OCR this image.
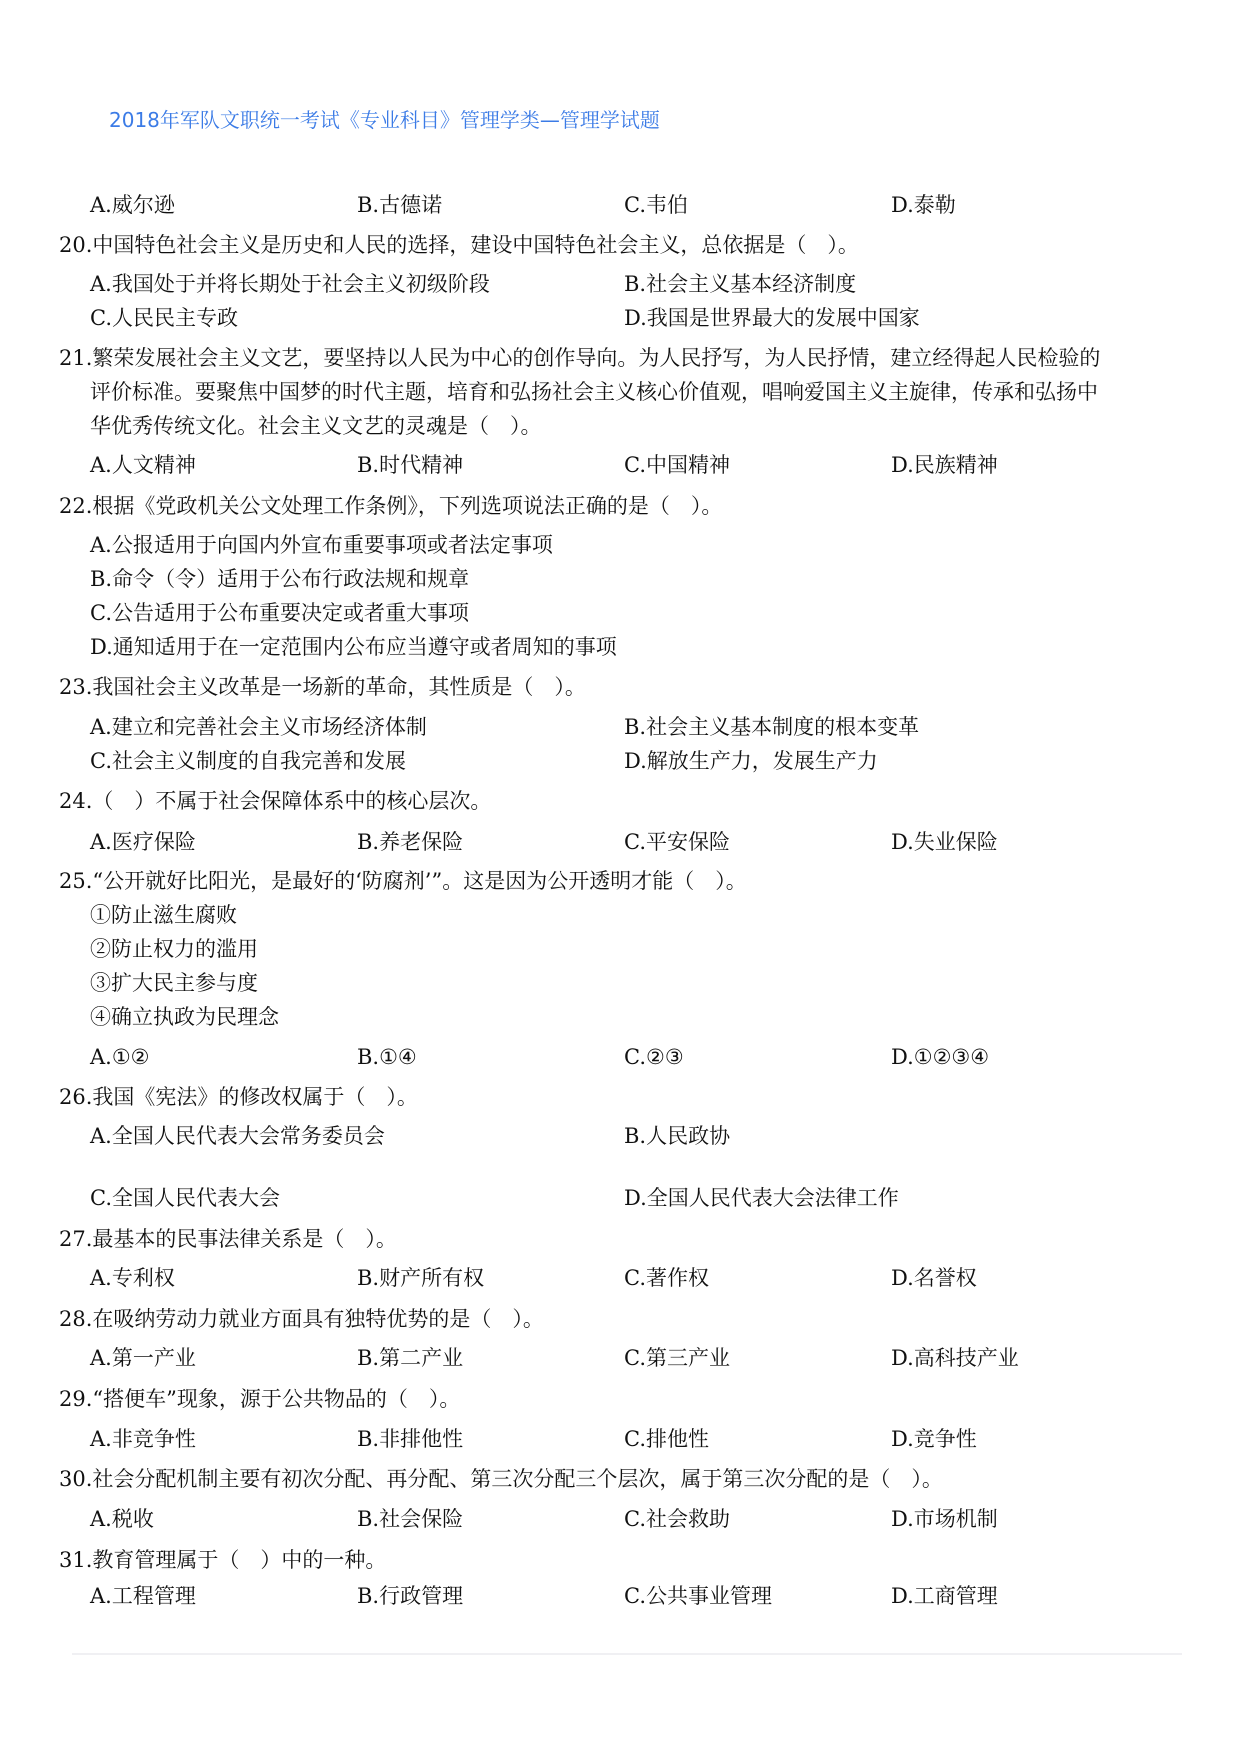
2018年军队文职统一考试《专业科目》管理学类—管理学试题
A.威尔逊	B.古德诺	C.韦伯	D.泰勒
20.中国特色社会主义是历史和人民的选择，建设中国特色社会主义，总依据是（　）。
A.我国处于并将长期处于社会主义初级阶段	B.社会主义基本经济制度
C.人民民主专政	D.我国是世界最大的发展中国家
21.繁荣发展社会主义文艺，要坚持以人民为中心的创作导向。为人民抒写，为人民抒情，建立经得起人民检验的
评价标准。要聚焦中国梦的时代主题，培育和弘扬社会主义核心价值观，唱响爱国主义主旋律，传承和弘扬中
华优秀传统文化。社会主义文艺的灵魂是（　）。
A.人文精神	B.时代精神	C.中国精神	D.民族精神
22.根据《党政机关公文处理工作条例》，下列选项说法正确的是（　）。
A.公报适用于向国内外宣布重要事项或者法定事项
B.命令（令）适用于公布行政法规和规章
C.公告适用于公布重要决定或者重大事项
D.通知适用于在一定范围内公布应当遵守或者周知的事项
23.我国社会主义改革是一场新的革命，其性质是（　）。
A.建立和完善社会主义市场经济体制	B.社会主义基本制度的根本变革
C.社会主义制度的自我完善和发展	D.解放生产力，发展生产力
24.（　）不属于社会保障体系中的核心层次。
A.医疗保险	B.养老保险	C.平安保险	D.失业保险
25.“公开就好比阳光，是最好的‘防腐剂’”。这是因为公开透明才能（　）。
①防止滋生腐败
②防止权力的滥用
③扩大民主参与度
④确立执政为民理念
A.①②	B.①④	C.②③	D.①②③④
26.我国《宪法》的修改权属于（　）。
A.全国人民代表大会常务委员会	B.人民政协
C.全国人民代表大会	D.全国人民代表大会法律工作
27.最基本的民事法律关系是（　）。
A.专利权	B.财产所有权	C.著作权	D.名誉权
28.在吸纳劳动力就业方面具有独特优势的是（　）。
A.第一产业	B.第二产业	C.第三产业	D.高科技产业
29.“搭便车”现象，源于公共物品的（　）。
A.非竞争性	B.非排他性	C.排他性	D.竞争性
30.社会分配机制主要有初次分配、再分配、第三次分配三个层次，属于第三次分配的是（　）。
A.税收	B.社会保险	C.社会救助	D.市场机制
31.教育管理属于（　）中的一种。
A.工程管理	B.行政管理	C.公共事业管理	D.工商管理
